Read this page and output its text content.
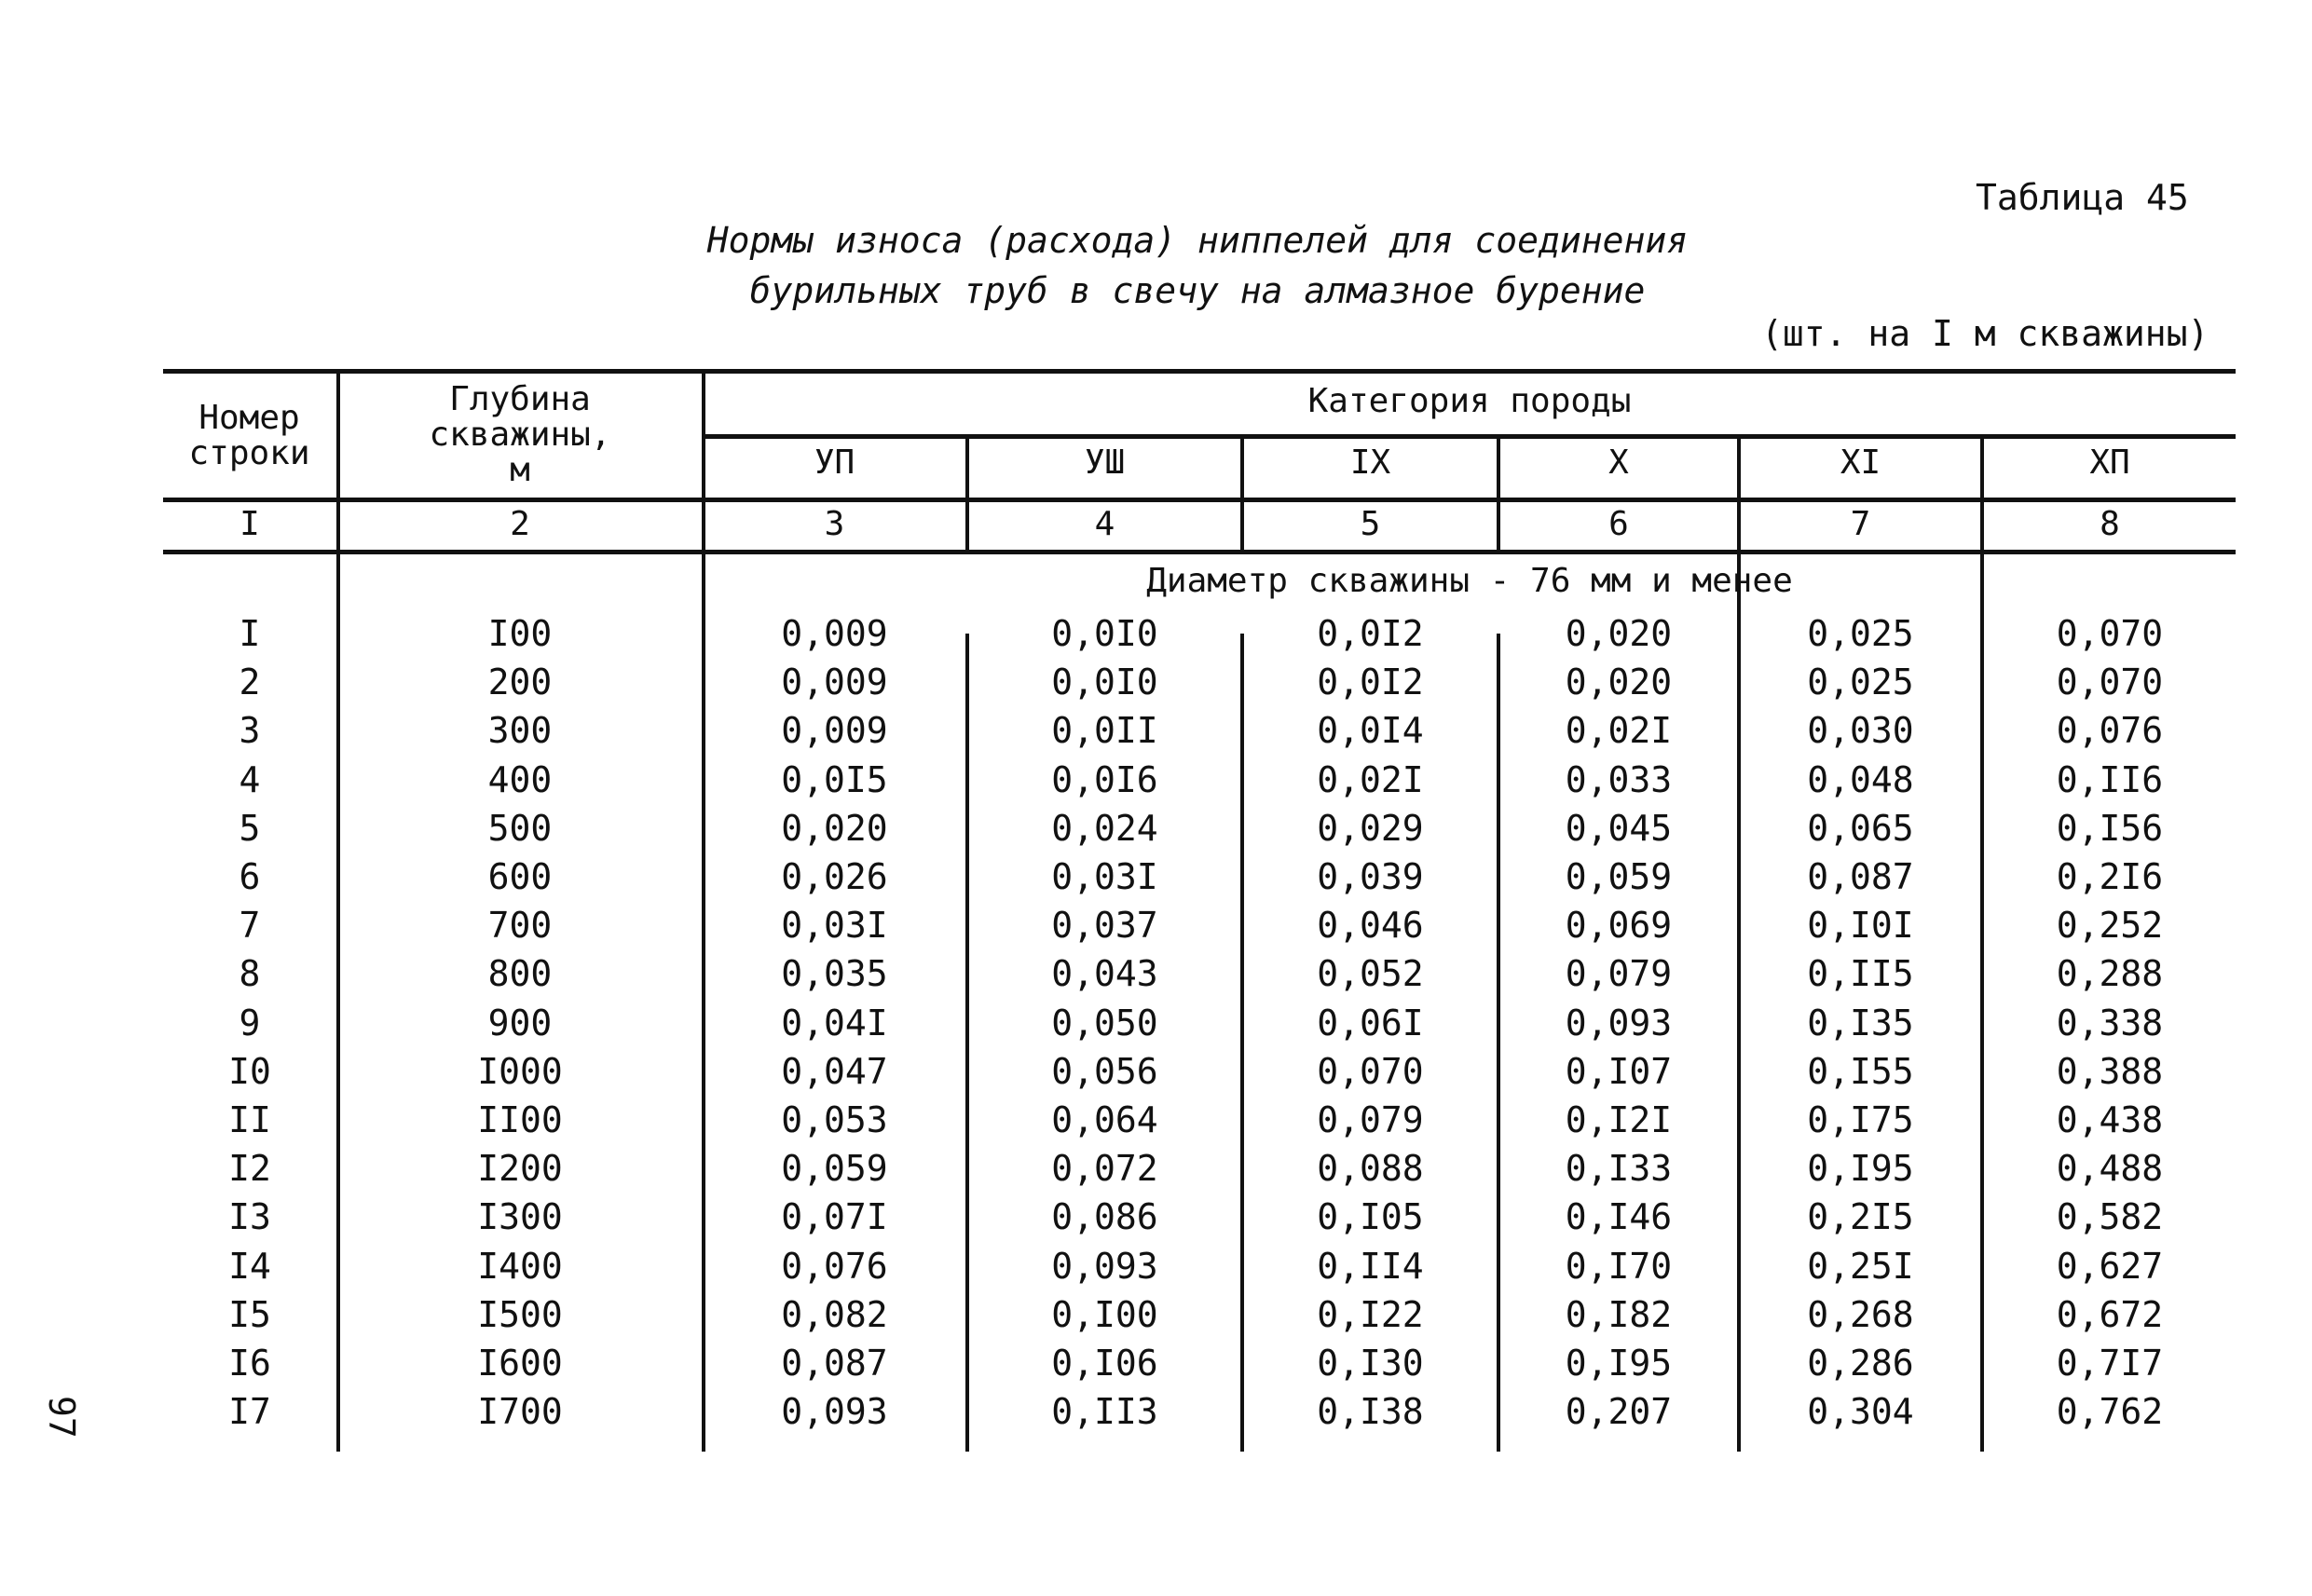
Таблица 45
Нормы износа (расхода) ниппелей для соединения
бурильных труб в свечу на алмазное бурение
(шт. на I м скважины)
Номер строки
Глубина скважины, м
Категория породы
УП	УШ	IX	X	XI	ХП
I	2	3	4	5	6	7	8
Диаметр скважины - 76 мм и менее
I	I00	0,009	0,0I0	0,0I2	0,020	0,025	0,070
2	200	0,009	0,0I0	0,0I2	0,020	0,025	0,070
3	300	0,009	0,0II	0,0I4	0,02I	0,030	0,076
4	400	0,0I5	0,0I6	0,02I	0,033	0,048	0,II6
5	500	0,020	0,024	0,029	0,045	0,065	0,I56
6	600	0,026	0,03I	0,039	0,059	0,087	0,2I6
7	700	0,03I	0,037	0,046	0,069	0,I0I	0,252
8	800	0,035	0,043	0,052	0,079	0,II5	0,288
9	900	0,04I	0,050	0,06I	0,093	0,I35	0,338
I0	I000	0,047	0,056	0,070	0,I07	0,I55	0,388
II	II00	0,053	0,064	0,079	0,I2I	0,I75	0,438
I2	I200	0,059	0,072	0,088	0,I33	0,I95	0,488
I3	I300	0,07I	0,086	0,I05	0,I46	0,2I5	0,582
I4	I400	0,076	0,093	0,II4	0,I70	0,25I	0,627
I5	I500	0,082	0,I00	0,I22	0,I82	0,268	0,672
I6	I600	0,087	0,I06	0,I30	0,I95	0,286	0,7I7
I7	I700	0,093	0,II3	0,I38	0,207	0,304	0,762
97
